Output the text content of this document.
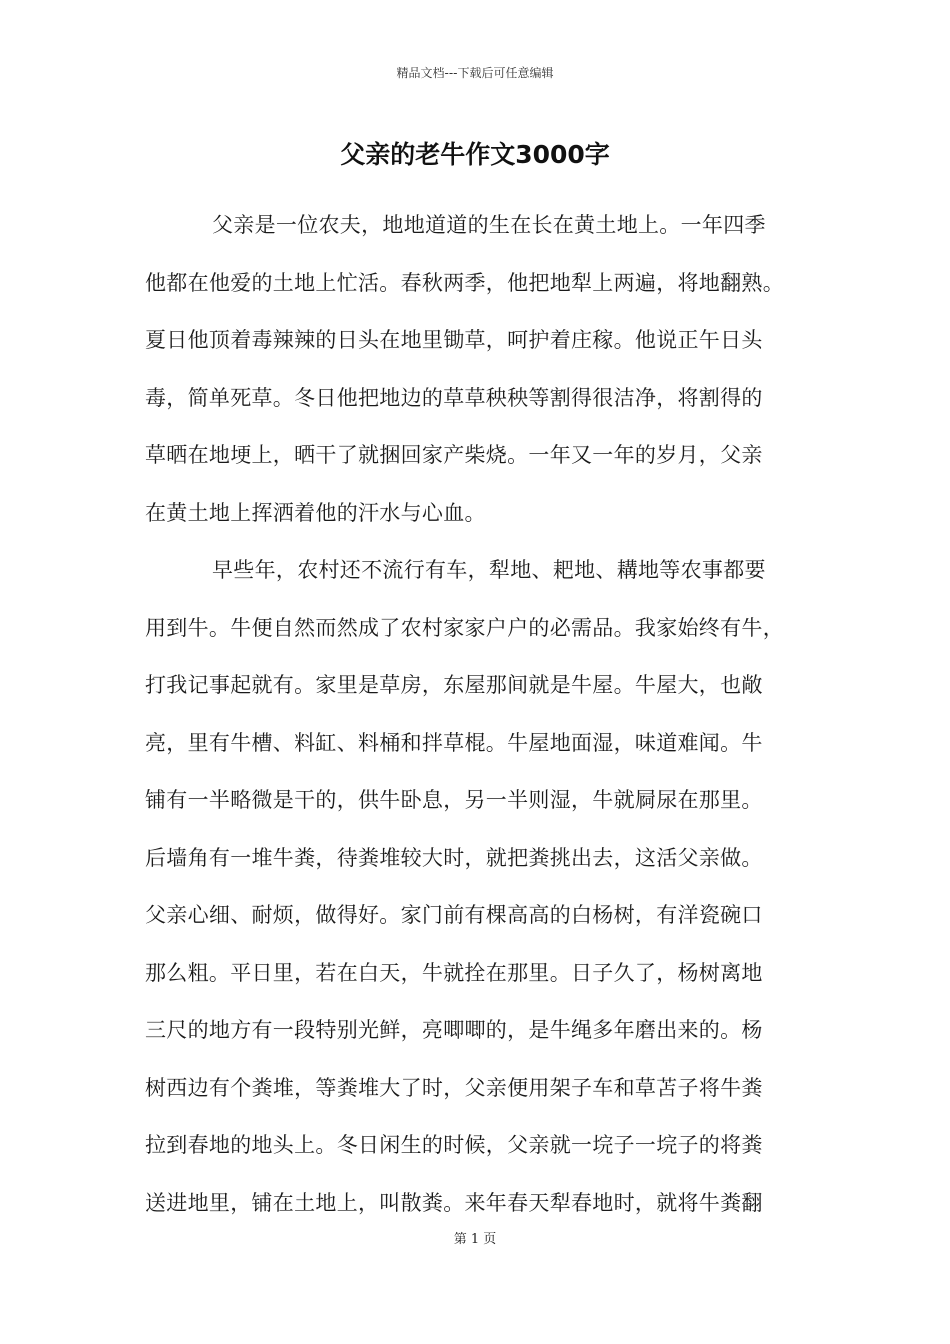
精品文档---下载后可任意编辑
父亲的老牛作文3000字
父亲是一位农夫，地地道道的生在长在黄土地上。一年四季
他都在他爱的土地上忙活。春秋两季，他把地犁上两遍，将地翻熟。
夏日他顶着毒辣辣的日头在地里锄草，呵护着庄稼。他说正午日头
毒，简单死草。冬日他把地边的草草秧秧等割得很洁净，将割得的
草晒在地埂上，晒干了就捆回家产柴烧。一年又一年的岁月，父亲
在黄土地上挥洒着他的汗水与心血。
早些年，农村还不流行有车，犁地、耙地、耩地等农事都要
用到牛。牛便自然而然成了农村家家户户的必需品。我家始终有牛，
打我记事起就有。家里是草房，东屋那间就是牛屋。牛屋大，也敞
亮，里有牛槽、料缸、料桶和拌草棍。牛屋地面湿，味道难闻。牛
铺有一半略微是干的，供牛卧息，另一半则湿，牛就屙尿在那里。
后墙角有一堆牛粪，待粪堆较大时，就把粪挑出去，这活父亲做。
父亲心细、耐烦，做得好。家门前有棵高高的白杨树，有洋瓷碗口
那么粗。平日里，若在白天，牛就拴在那里。日子久了，杨树离地
三尺的地方有一段特别光鲜，亮唧唧的，是牛绳多年磨出来的。杨
树西边有个粪堆，等粪堆大了时，父亲便用架子车和草苫子将牛粪
拉到春地的地头上。冬日闲生的时候，父亲就一垸子一垸子的将粪
送进地里，铺在土地上，叫散粪。来年春天犁春地时，就将牛粪翻
第 1 页
